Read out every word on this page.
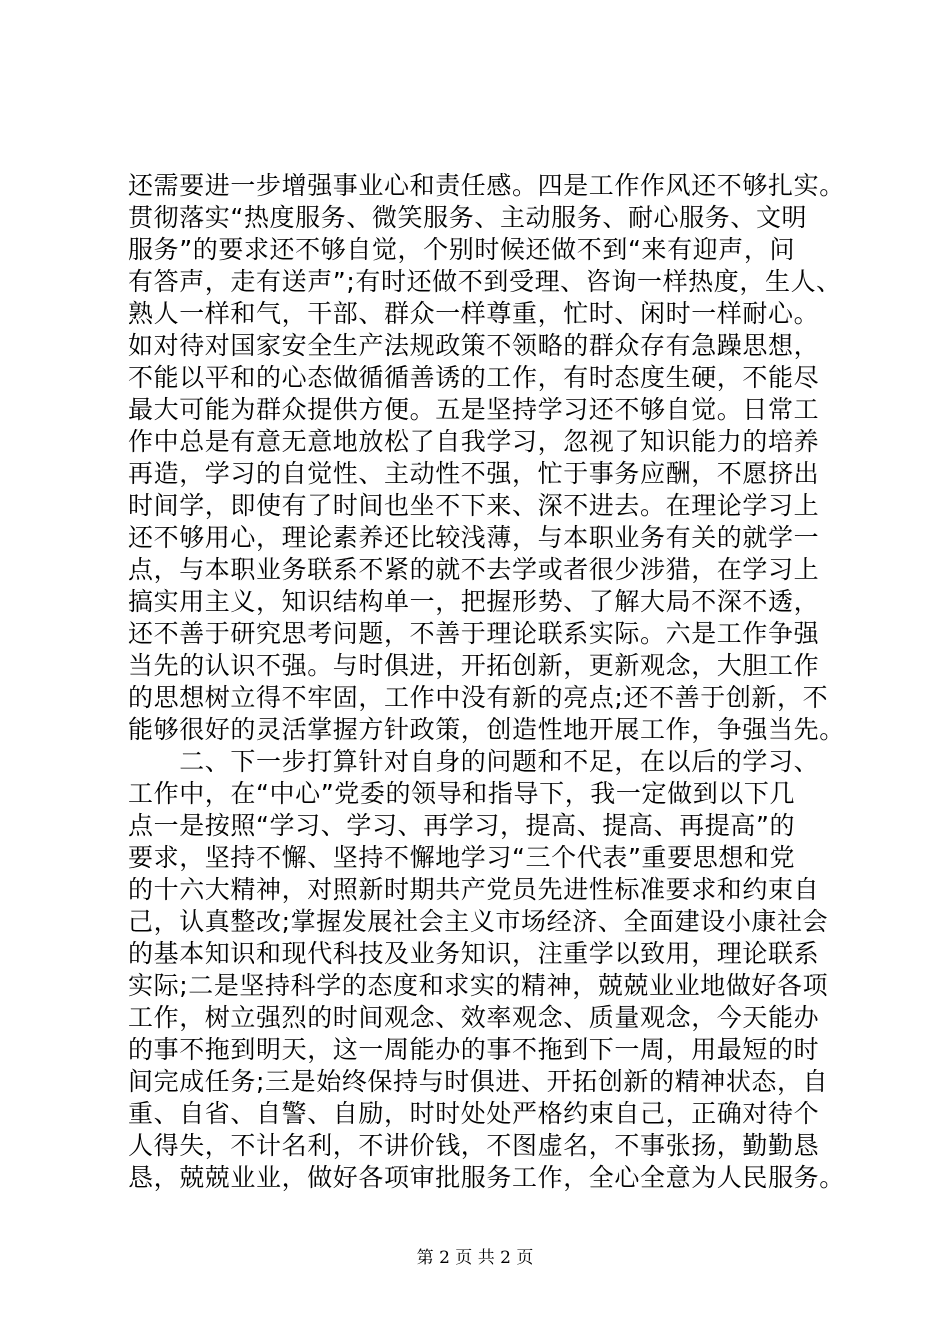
还需要进一步增强事业心和责任感。四是工作作风还不够扎实。
贯彻落实“热度服务、微笑服务、主动服务、耐心服务、文明
服务”的要求还不够自觉，个别时候还做不到“来有迎声，问
有答声，走有送声”;有时还做不到受理、咨询一样热度，生人、
熟人一样和气，干部、群众一样尊重，忙时、闲时一样耐心。
如对待对国家安全生产法规政策不领略的群众存有急躁思想，
不能以平和的心态做循循善诱的工作，有时态度生硬，不能尽
最大可能为群众提供方便。五是坚持学习还不够自觉。日常工
作中总是有意无意地放松了自我学习，忽视了知识能力的培养
再造，学习的自觉性、主动性不强，忙于事务应酬，不愿挤出
时间学，即使有了时间也坐不下来、深不进去。在理论学习上
还不够用心，理论素养还比较浅薄，与本职业务有关的就学一
点，与本职业务联系不紧的就不去学或者很少涉猎，在学习上
搞实用主义，知识结构单一，把握形势、了解大局不深不透，
还不善于研究思考问题，不善于理论联系实际。六是工作争强
当先的认识不强。与时俱进，开拓创新，更新观念，大胆工作
的思想树立得不牢固，工作中没有新的亮点;还不善于创新，不
能够很好的灵活掌握方针政策，创造性地开展工作，争强当先。
　　二、下一步打算针对自身的问题和不足，在以后的学习、
工作中，在“中心”党委的领导和指导下，我一定做到以下几
点一是按照“学习、学习、再学习，提高、提高、再提高”的
要求，坚持不懈、坚持不懈地学习“三个代表”重要思想和党
的十六大精神，对照新时期共产党员先进性标准要求和约束自
己，认真整改;掌握发展社会主义市场经济、全面建设小康社会
的基本知识和现代科技及业务知识，注重学以致用，理论联系
实际;二是坚持科学的态度和求实的精神，兢兢业业地做好各项
工作，树立强烈的时间观念、效率观念、质量观念，今天能办
的事不拖到明天，这一周能办的事不拖到下一周，用最短的时
间完成任务;三是始终保持与时俱进、开拓创新的精神状态，自
重、自省、自警、自励，时时处处严格约束自己，正确对待个
人得失，不计名利，不讲价钱，不图虚名，不事张扬，勤勤恳
恳，兢兢业业，做好各项审批服务工作，全心全意为人民服务。
第 2 页 共 2 页
